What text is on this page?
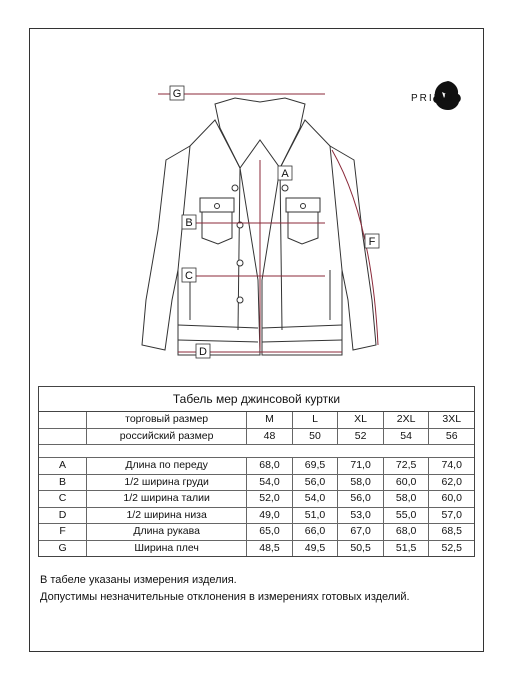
PRIMM
G
B
C
D
A
F
Табель мер джинсовой куртки
торговый размер	M	L	XL	2XL	3XL
российский размер	48	50	52	54	56
A	Длина по переду	68,0	69,5	71,0	72,5	74,0
B	1/2 ширина груди	54,0	56,0	58,0	60,0	62,0
C	1/2 ширина талии	52,0	54,0	56,0	58,0	60,0
D	1/2 ширина низа	49,0	51,0	53,0	55,0	57,0
F	Длина рукава	65,0	66,0	67,0	68,0	68,5
G	Ширина плеч	48,5	49,5	50,5	51,5	52,5
В табеле указаны измерения изделия.
Допустимы незначительные отклонения в измерениях готовых изделий.
